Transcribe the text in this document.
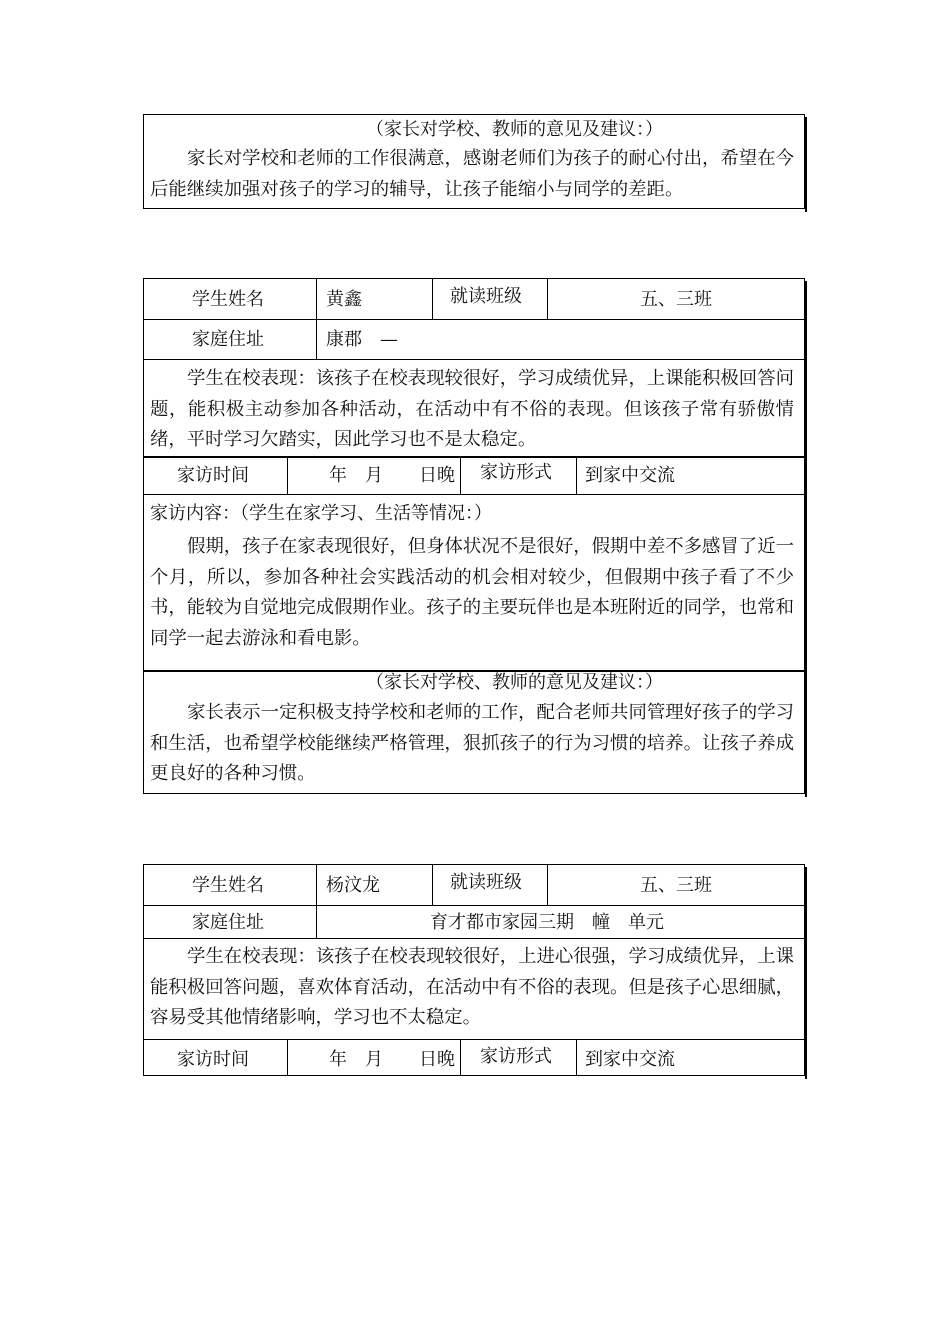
（家长对学校、教师的意见及建议：）
家长对学校和老师的工作很满意，感谢老师们为孩子的耐心付出，希望在今后能继续加强对孩子的学习的辅导，让孩子能缩小与同学的差距。
学生姓名	黄鑫	就读班级	五、三班
家庭住址	康郡　—
学生在校表现：该孩子在校表现较很好，学习成绩优异，上课能积极回答问题，能积极主动参加各种活动，在活动中有不俗的表现。但该孩子常有骄傲情绪，平时学习欠踏实，因此学习也不是太稳定。
家访时间	年　月　　日晚 家访形式 到家中交流
家访内容：（学生在家学习、生活等情况：）
假期，孩子在家表现很好，但身体状况不是很好，假期中差不多感冒了近一个月，所以，参加各种社会实践活动的机会相对较少，但假期中孩子看了不少书，能较为自觉地完成假期作业。孩子的主要玩伴也是本班附近的同学，也常和同学一起去游泳和看电影。
（家长对学校、教师的意见及建议：）
家长表示一定积极支持学校和老师的工作，配合老师共同管理好孩子的学习和生活，也希望学校能继续严格管理，狠抓孩子的行为习惯的培养。让孩子养成更良好的各种习惯。
学生姓名	杨汶龙	就读班级	五、三班
家庭住址	育才都市家园三期　幢　单元
学生在校表现：该孩子在校表现较很好，上进心很强，学习成绩优异，上课能积极回答问题，喜欢体育活动，在活动中有不俗的表现。但是孩子心思细腻，容易受其他情绪影响，学习也不太稳定。
家访时间	年　月　　日晚 家访形式 到家中交流
